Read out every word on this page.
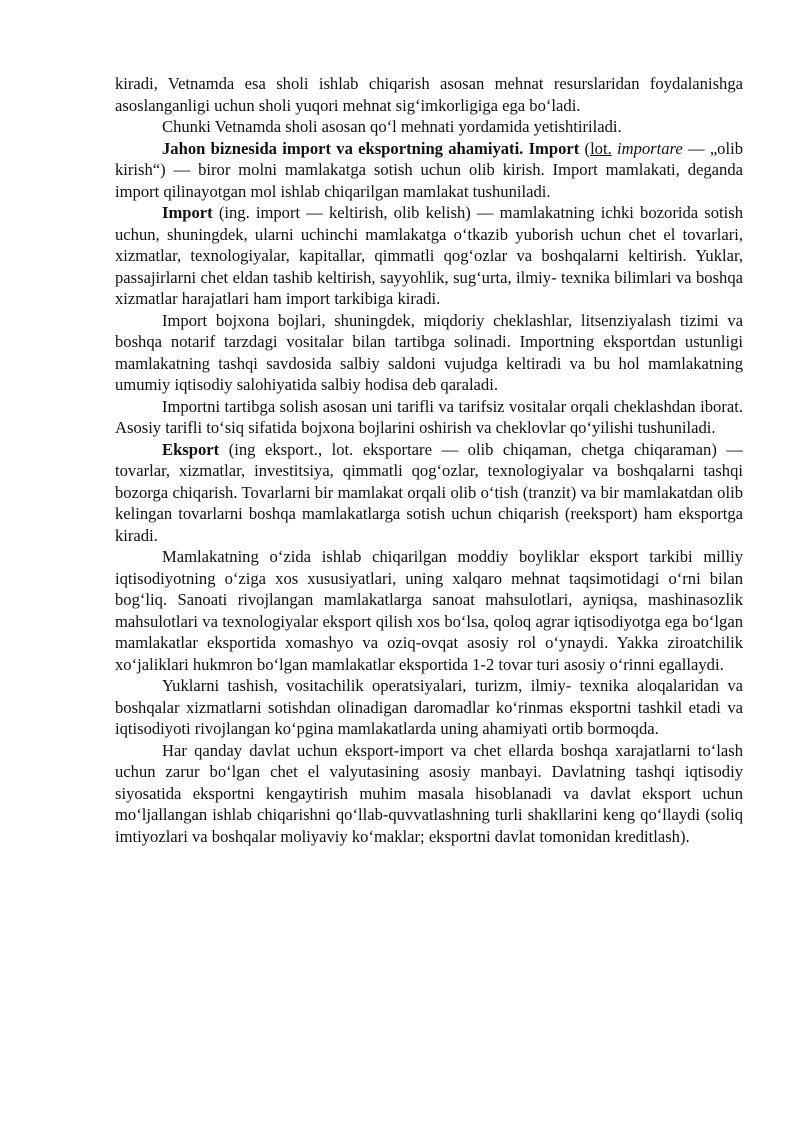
kiradi, Vetnamda esa sholi ishlab chiqarish asosan mehnat resurslaridan foydalanishga asoslanganligi uchun sholi yuqori mehnat sig‘imkorligiga ega bo‘ladi.

Chunki Vetnamda sholi asosan qo‘l mehnati yordamida yetishtiriladi.

Jahon biznesida import va eksportning ahamiyati. Import (lot. importare — „olib kirish“) — biror molni mamlakatga sotish uchun olib kirish. Import mamlakati, deganda import qilinayotgan mol ishlab chiqarilgan mamlakat tushuniladi.

Import (ing. import — keltirish, olib kelish) — mamlakatning ichki bozorida sotish uchun, shuningdek, ularni uchinchi mamlakatga o‘tkazib yuborish uchun chet el tovarlari, xizmatlar, texnologiyalar, kapitallar, qimmatli qog‘ozlar va boshqalarni keltirish. Yuklar, passajirlarni chet eldan tashib keltirish, sayyohlik, sug‘urta, ilmiy- texnika bilimlari va boshqa xizmatlar harajatlari ham import tarkibiga kiradi.

Import bojxona bojlari, shuningdek, miqdoriy cheklashlar, litsenziyalash tizimi va boshqa notarif tarzdagi vositalar bilan tartibga solinadi. Importning eksportdan ustunligi mamlakatning tashqi savdosida salbiy saldoni vujudga keltiradi va bu hol mamlakatning umumiy iqtisodiy salohiyatida salbiy hodisa deb qaraladi.

Importni tartibga solish asosan uni tarifli va tarifsiz vositalar orqali cheklashdan iborat. Asosiy tarifli to‘siq sifatida bojxona bojlarini oshirish va cheklovlar qo‘yilishi tushuniladi.

Eksport (ing eksport., lot. eksportare — olib chiqaman, chetga chiqaraman) — tovarlar, xizmatlar, investitsiya, qimmatli qog‘ozlar, texnologiyalar va boshqalarni tashqi bozorga chiqarish. Tovarlarni bir mamlakat orqali olib o‘tish (tranzit) va bir mamlakatdan olib kelingan tovarlarni boshqa mamlakatlarga sotish uchun chiqarish (reeksport) ham eksportga kiradi.

Mamlakatning o‘zida ishlab chiqarilgan moddiy boyliklar eksport tarkibi milliy iqtisodiyotning o‘ziga xos xususiyatlari, uning xalqaro mehnat taqsimotidagi o‘rni bilan bog‘liq. Sanoati rivojlangan mamlakatlarga sanoat mahsulotlari, ayniqsa, mashinasozlik mahsulotlari va texnologiyalar eksport qilish xos bo‘lsa, qoloq agrar iqtisodiyotga ega bo‘lgan mamlakatlar eksportida xomashyo va oziq-ovqat asosiy rol o‘ynaydi. Yakka ziroatchilik xo‘jaliklari hukmron bo‘lgan mamlakatlar eksportida 1-2 tovar turi asosiy o‘rinni egallaydi.

Yuklarni tashish, vositachilik operatsiyalari, turizm, ilmiy- texnika aloqalaridan va boshqalar xizmatlarni sotishdan olinadigan daromadlar ko‘rinmas eksportni tashkil etadi va iqtisodiyoti rivojlangan ko‘pgina mamlakatlarda uning ahamiyati ortib bormoqda.

Har qanday davlat uchun eksport-import va chet ellarda boshqa xarajatlarni to‘lash uchun zarur bo‘lgan chet el valyutasining asosiy manbayi. Davlatning tashqi iqtisodiy siyosatida eksportni kengaytirish muhim masala hisoblanadi va davlat eksport uchun mo‘ljallangan ishlab chiqarishni qo‘llab-quvvatlashning turli shakllarini keng qo‘llaydi (soliq imtiyozlari va boshqalar moliyaviy ko‘maklar; eksportni davlat tomonidan kreditlash).
